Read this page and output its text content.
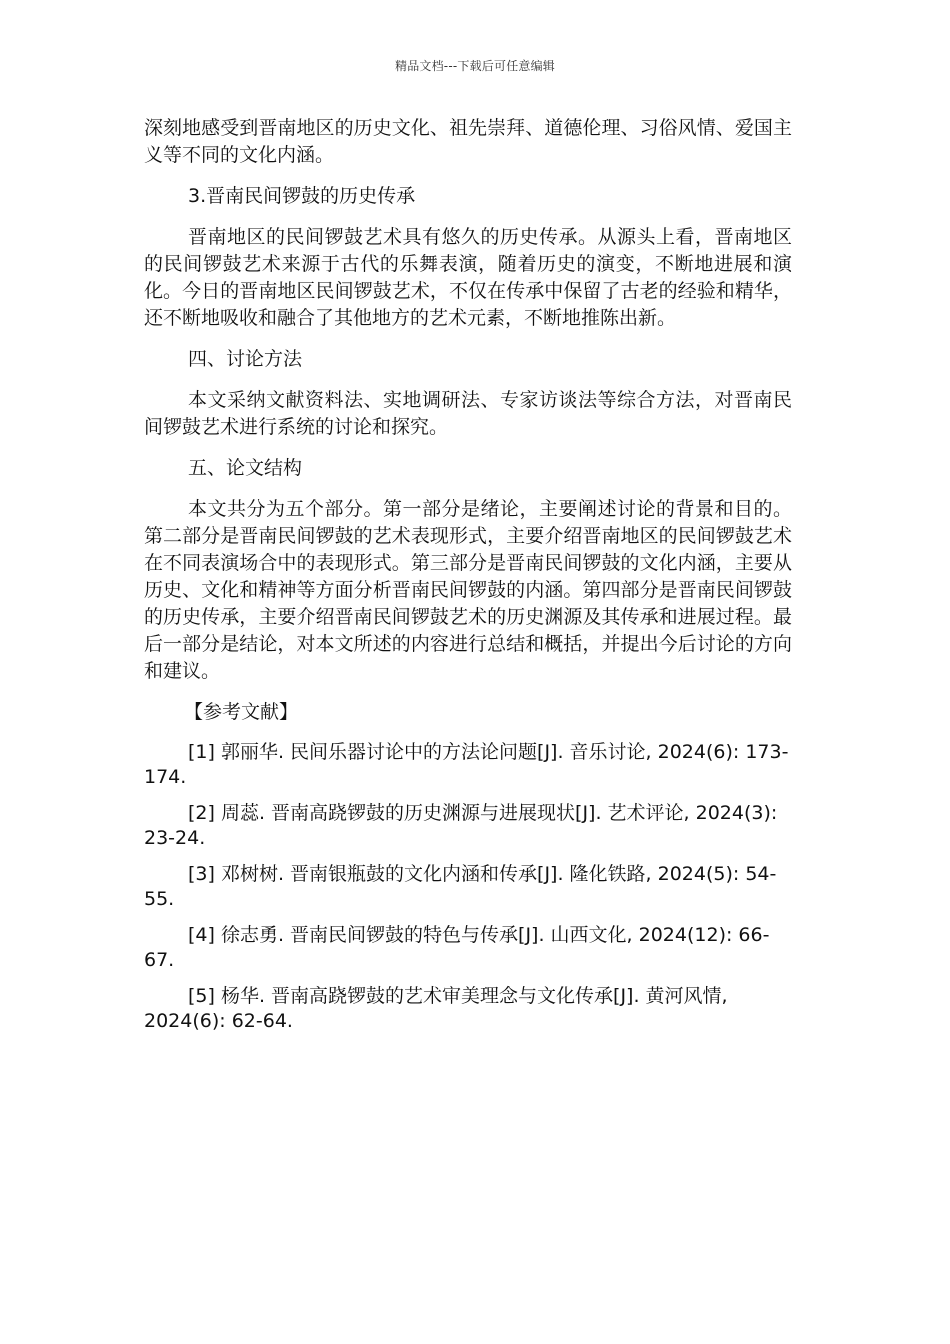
精品文档---下载后可任意编辑

深刻地感受到晋南地区的历史文化、祖先崇拜、道德伦理、习俗风情、爱国主义等不同的文化内涵。

3.晋南民间锣鼓的历史传承

晋南地区的民间锣鼓艺术具有悠久的历史传承。从源头上看，晋南地区的民间锣鼓艺术来源于古代的乐舞表演，随着历史的演变，不断地进展和演化。今日的晋南地区民间锣鼓艺术，不仅在传承中保留了古老的经验和精华，还不断地吸收和融合了其他地方的艺术元素，不断地推陈出新。

四、讨论方法

本文采纳文献资料法、实地调研法、专家访谈法等综合方法，对晋南民间锣鼓艺术进行系统的讨论和探究。

五、论文结构

本文共分为五个部分。第一部分是绪论，主要阐述讨论的背景和目的。第二部分是晋南民间锣鼓的艺术表现形式，主要介绍晋南地区的民间锣鼓艺术在不同表演场合中的表现形式。第三部分是晋南民间锣鼓的文化内涵，主要从历史、文化和精神等方面分析晋南民间锣鼓的内涵。第四部分是晋南民间锣鼓的历史传承，主要介绍晋南民间锣鼓艺术的历史渊源及其传承和进展过程。最后一部分是结论，对本文所述的内容进行总结和概括，并提出今后讨论的方向和建议。

【参考文献】

[1] 郭丽华. 民间乐器讨论中的方法论问题[J]. 音乐讨论, 2024(6): 173-174.

[2] 周蕊. 晋南高跷锣鼓的历史渊源与进展现状[J]. 艺术评论, 2024(3): 23-24.

[3] 邓树树. 晋南银瓶鼓的文化内涵和传承[J]. 隆化铁路, 2024(5): 54-55.

[4] 徐志勇. 晋南民间锣鼓的特色与传承[J]. 山西文化, 2024(12): 66-67.

[5] 杨华. 晋南高跷锣鼓的艺术审美理念与文化传承[J]. 黄河风情, 2024(6): 62-64.
